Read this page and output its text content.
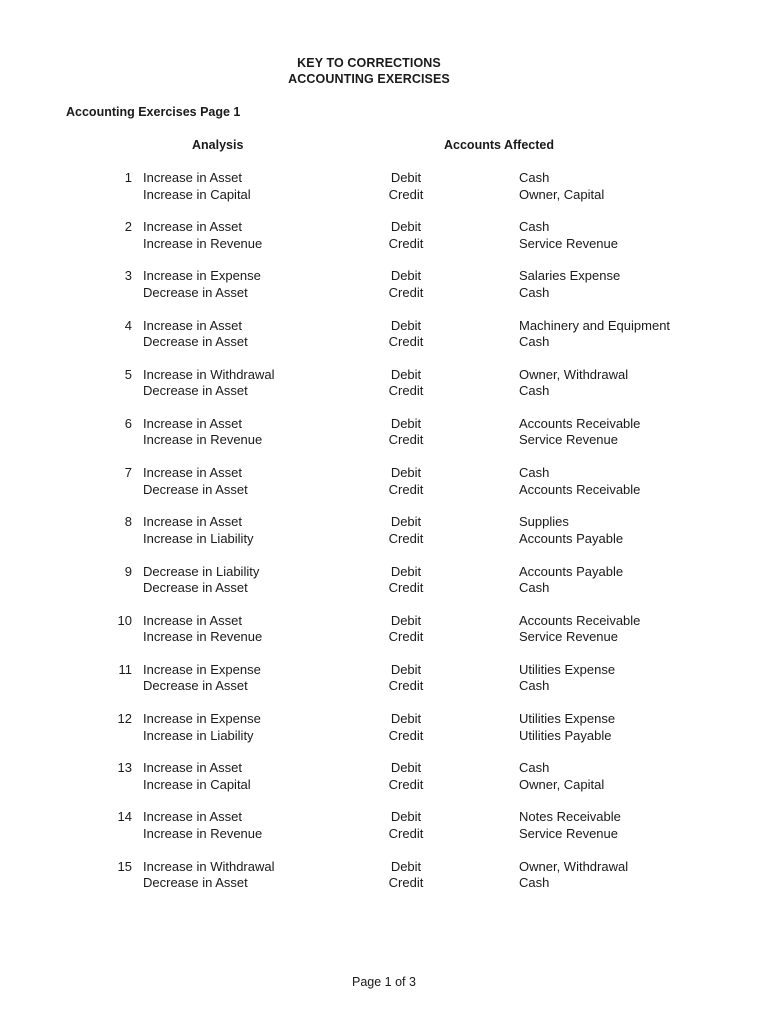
KEY TO CORRECTIONS
ACCOUNTING EXERCISES
Accounting Exercises Page 1
Analysis	Accounts Affected
1 Increase in Asset	Debit	Cash
Increase in Capital	Credit	Owner, Capital
2 Increase in Asset	Debit	Cash
Increase in Revenue	Credit	Service Revenue
3 Increase in Expense	Debit	Salaries Expense
Decrease in Asset	Credit	Cash
4 Increase in Asset	Debit	Machinery and Equipment
Decrease in Asset	Credit	Cash
5 Increase in Withdrawal	Debit	Owner, Withdrawal
Decrease in Asset	Credit	Cash
6 Increase in Asset	Debit	Accounts Receivable
Increase in Revenue	Credit	Service Revenue
7 Increase in Asset	Debit	Cash
Decrease in Asset	Credit	Accounts Receivable
8 Increase in Asset	Debit	Supplies
Increase in Liability	Credit	Accounts Payable
9 Decrease in Liability	Debit	Accounts Payable
Decrease in Asset	Credit	Cash
10 Increase in Asset	Debit	Accounts Receivable
Increase in Revenue	Credit	Service Revenue
11 Increase in Expense	Debit	Utilities Expense
Decrease in Asset	Credit	Cash
12 Increase in Expense	Debit	Utilities Expense
Increase in Liability	Credit	Utilities Payable
13 Increase in Asset	Debit	Cash
Increase in Capital	Credit	Owner, Capital
14 Increase in Asset	Debit	Notes Receivable
Increase in Revenue	Credit	Service Revenue
15 Increase in Withdrawal	Debit	Owner, Withdrawal
Decrease in Asset	Credit	Cash
Page 1 of 3
